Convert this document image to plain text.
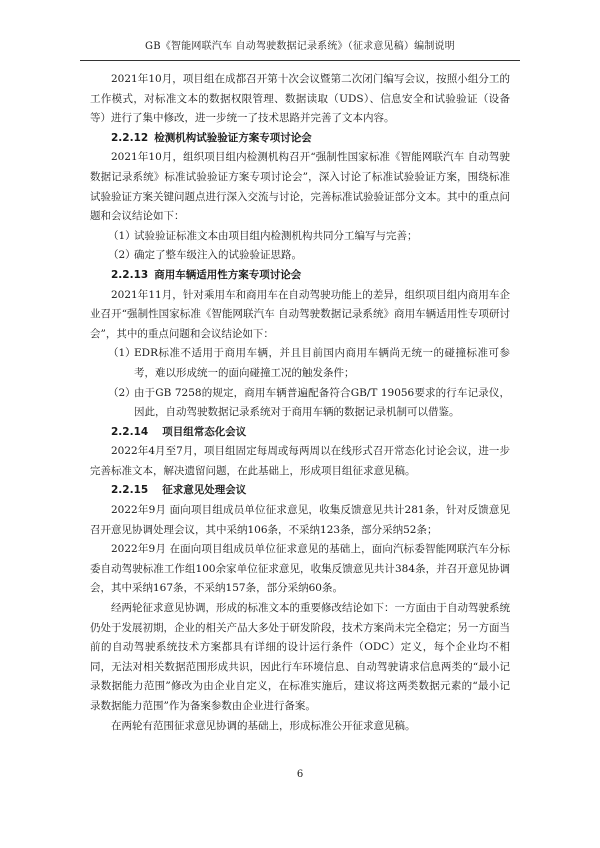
GB《智能网联汽车 自动驾驶数据记录系统》（征求意见稿）编制说明

2021年10月，项目组在成都召开第十次会议暨第二次闭门编写会议，按照小组分工的工作模式，对标准文本的数据权限管理、数据读取（UDS）、信息安全和试验验证（设备等）进行了集中修改，进一步统一了技术思路并完善了文本内容。

2.2.12 检测机构试验验证方案专项讨论会

2021年10月，组织项目组内检测机构召开“强制性国家标准《智能网联汽车 自动驾驶数据记录系统》标准试验验证方案专项讨论会”，深入讨论了标准试验验证方案，围绕标准试验验证方案关键问题点进行深入交流与讨论，完善标准试验验证部分文本。其中的重点问题和会议结论如下：

（1）
试验验证标准文本由项目组内检测机构共同分工编写与完善；
（2）
确定了整车级注入的试验验证思路。
2.2.13 商用车辆适用性方案专项讨论会

2021年11月，针对乘用车和商用车在自动驾驶功能上的差异，组织项目组内商用车企业召开“强制性国家标准《智能网联汽车 自动驾驶数据记录系统》商用车辆适用性专项研讨会”，其中的重点问题和会议结论如下：

（1）
EDR标准不适用于商用车辆，并且目前国内商用车辆尚无统一的碰撞标准可参考，难以形成统一的面向碰撞工况的触发条件；
（2）
由于GB 7258的规定，商用车辆普遍配备符合GB/T 19056要求的行车记录仪，因此，自动驾驶数据记录系统对于商用车辆的数据记录机制可以借鉴。
2.2.14 项目组常态化会议

2022年4月至7月，项目组固定每周或每两周以在线形式召开常态化讨论会议，进一步完善标准文本，解决遗留问题，在此基础上，形成项目组征求意见稿。

2.2.15 征求意见处理会议

2022年9月 面向项目组成员单位征求意见，收集反馈意见共计281条，针对反馈意见召开意见协调处理会议，其中采纳106条，不采纳123条，部分采纳52条；

2022年9月 在面向项目组成员单位征求意见的基础上，面向汽标委智能网联汽车分标委自动驾驶标准工作组100余家单位征求意见，收集反馈意见共计384条，并召开意见协调会，其中采纳167条，不采纳157条，部分采纳60条。

经两轮征求意见协调，形成的标准文本的重要修改结论如下：一方面由于自动驾驶系统仍处于发展初期，企业的相关产品大多处于研发阶段，技术方案尚未完全稳定；另一方面当前的自动驾驶系统技术方案都具有详细的设计运行条件（ODC）定义，每个企业均不相同，无法对相关数据范围形成共识，因此行车环境信息、自动驾驶请求信息两类的“最小记录数据能力范围”修改为由企业自定义，在标准实施后，建议将这两类数据元素的“最小记录数据能力范围”作为备案参数由企业进行备案。

在两轮有范围征求意见协调的基础上，形成标准公开征求意见稿。

6
